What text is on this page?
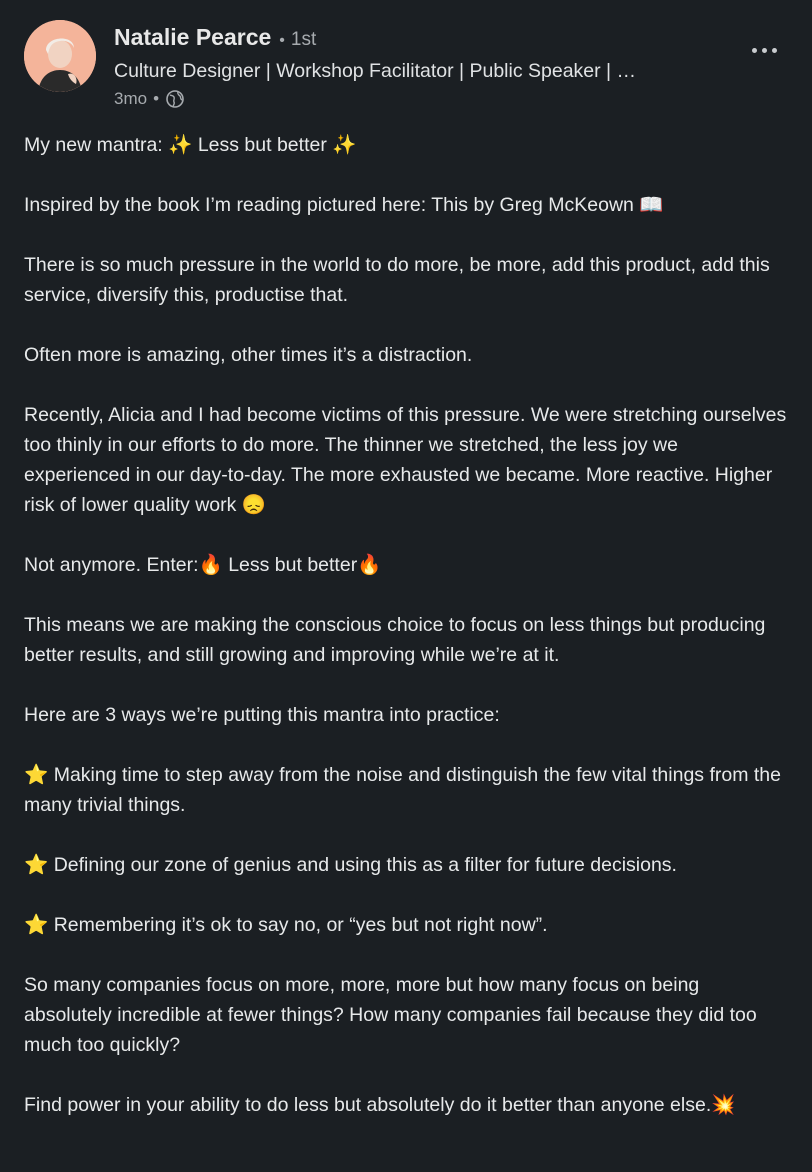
Natalie Pearce • 1st
Culture Designer | Workshop Facilitator | Public Speaker | …
3mo •

My new mantra: ✨ Less but better ✨

Inspired by the book I’m reading pictured here: This by Greg McKeown 📖

There is so much pressure in the world to do more, be more, add this product, add this service, diversify this, productise that.

Often more is amazing, other times it’s a distraction.

Recently, Alicia and I had become victims of this pressure. We were stretching ourselves too thinly in our efforts to do more. The thinner we stretched, the less joy we experienced in our day-to-day. The more exhausted we became. More reactive. Higher risk of lower quality work 😞

Not anymore. Enter:🔥 Less but better🔥

This means we are making the conscious choice to focus on less things but producing better results, and still growing and improving while we’re at it.

Here are 3 ways we’re putting this mantra into practice:

⭐ Making time to step away from the noise and distinguish the few vital things from the many trivial things.

⭐ Defining our zone of genius and using this as a filter for future decisions.

⭐ Remembering it’s ok to say no, or “yes but not right now”.

So many companies focus on more, more, more but how many focus on being absolutely incredible at fewer things? How many companies fail because they did too much too quickly?

Find power in your ability to do less but absolutely do it better than anyone else.💥
